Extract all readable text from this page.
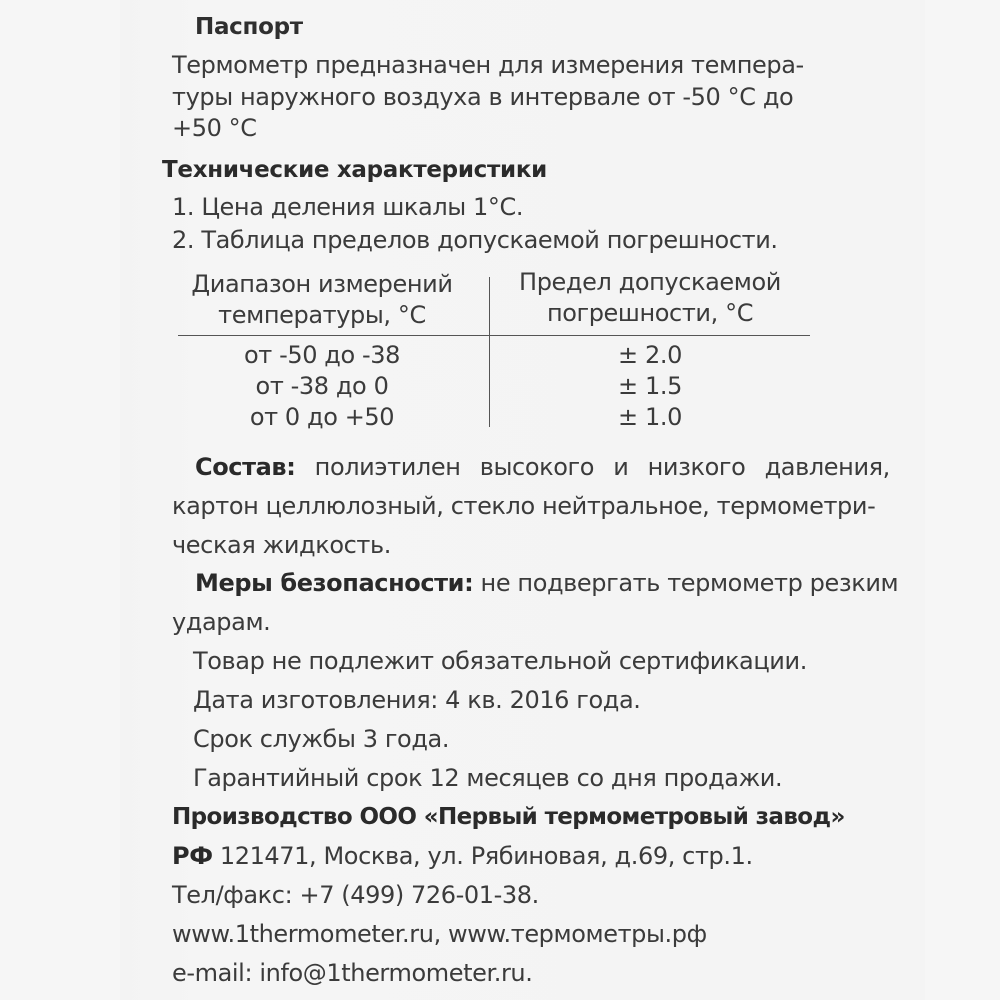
Паспорт
Термометр предназначен для измерения темпера-
туры наружного воздуха в интервале от -50 °С до
+50 °С
Технические характеристики
1. Цена деления шкалы 1°С.
2. Таблица пределов допускаемой погрешности.
Диапазон измерений
температуры, °С
Предел допускаемой
погрешности, °С
от -50 до -38
от -38 до 0
от 0 до +50
± 2.0
± 1.5
± 1.0
Состав: полиэтилен высокого и низкого давления,
картон целлюлозный, стекло нейтральное, термометри-
ческая жидкость.
Меры безопасности: не подвергать термометр резким
ударам.
Товар не подлежит обязательной сертификации.
Дата изготовления: 4 кв. 2016 года.
Срок службы 3 года.
Гарантийный срок 12 месяцев со дня продажи.
Производство ООО «Первый термометровый завод»
РФ 121471, Москва, ул. Рябиновая, д.69, стр.1.
Тел/факс: +7 (499) 726-01-38.
www.1thermometer.ru, www.термометры.рф
e-mail: info@1thermometer.ru.
